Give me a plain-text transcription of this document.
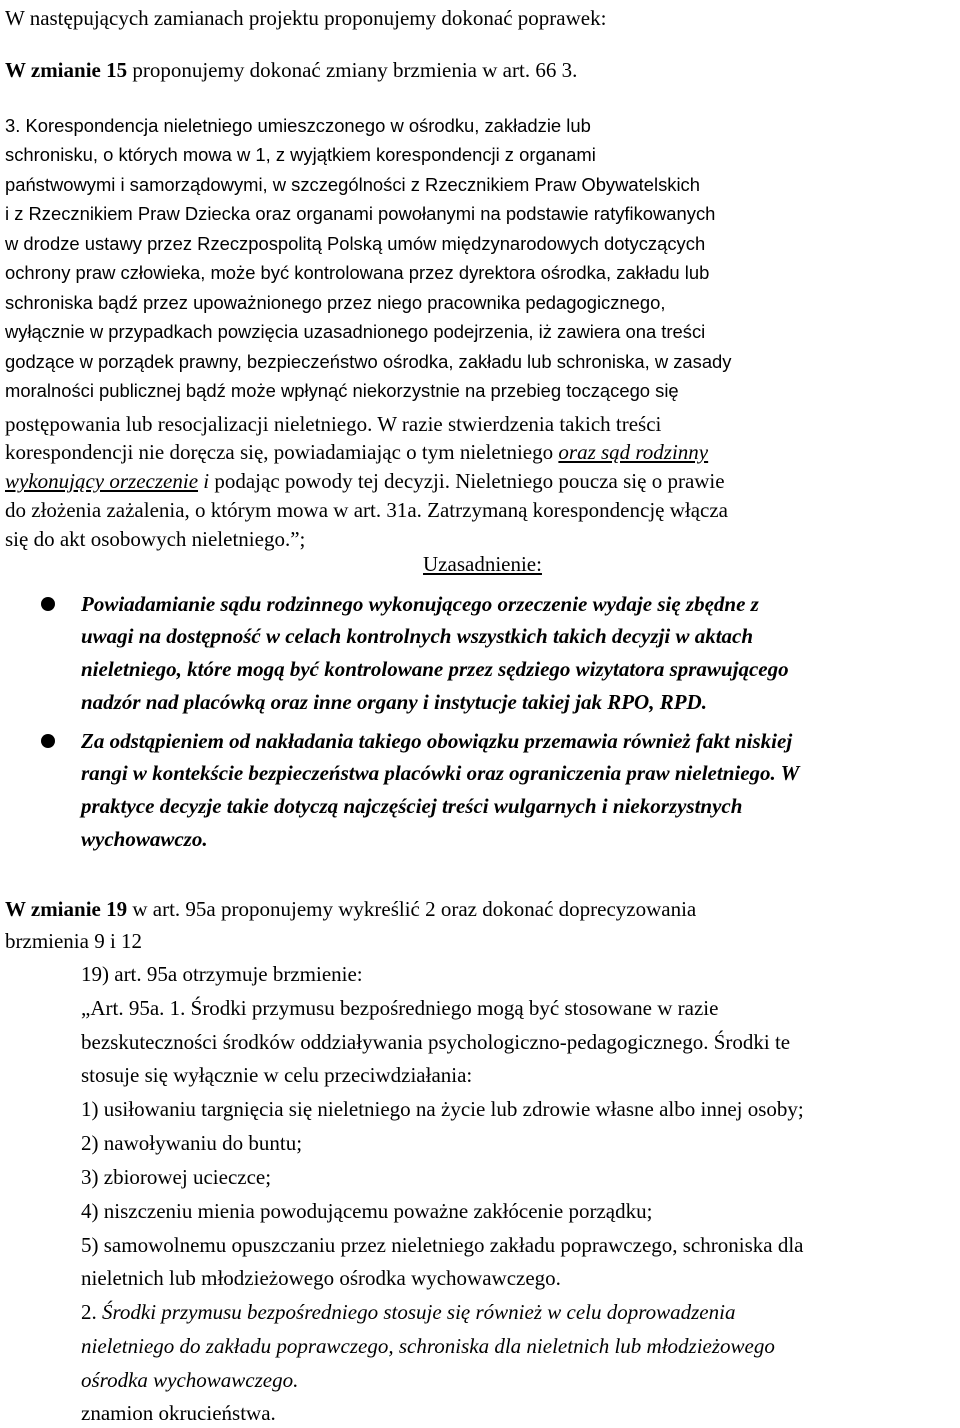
W następujących zamianach projektu proponujemy dokonać poprawek:
W zmianie 15 proponujemy dokonać zmiany brzmienia w art. 66 3.
3. Korespondencja nieletniego umieszczonego w ośrodku, zakładzie lub
schronisku, o których mowa w 1, z wyjątkiem korespondencji z organami
państwowymi i samorządowymi, w szczególności z Rzecznikiem Praw Obywatelskich
i z Rzecznikiem Praw Dziecka oraz organami powołanymi na podstawie ratyfikowanych
w drodze ustawy przez Rzeczpospolitą Polską umów międzynarodowych dotyczących
ochrony praw człowieka, może być kontrolowana przez dyrektora ośrodka, zakładu lub
schroniska bądź przez upoważnionego przez niego pracownika pedagogicznego,
wyłącznie w przypadkach powzięcia uzasadnionego podejrzenia, iż zawiera ona treści
godzące w porządek prawny, bezpieczeństwo ośrodka, zakładu lub schroniska, w zasady
moralności publicznej bądź może wpłynąć niekorzystnie na przebieg toczącego się
postępowania lub resocjalizacji nieletniego. W razie stwierdzenia takich treści
korespondencji nie doręcza się, powiadamiając o tym nieletniego oraz sąd rodzinny
wykonujący orzeczenie i podając powody tej decyzji. Nieletniego poucza się o prawie
do złożenia zażalenia, o którym mowa w art. 31a. Zatrzymaną korespondencję włącza
się do akt osobowych nieletniego.”;
Uzasadnienie:
Powiadamianie sądu rodzinnego wykonującego orzeczenie wydaje się zbędne z
uwagi na dostępność w celach kontrolnych wszystkich takich decyzji w aktach
nieletniego, które mogą być kontrolowane przez sędziego wizytatora sprawującego
nadzór nad placówką oraz inne organy i instytucje takiej jak RPO, RPD.
Za odstąpieniem od nakładania takiego obowiązku przemawia również fakt niskiej
rangi w kontekście bezpieczeństwa placówki oraz ograniczenia praw nieletniego. W
praktyce decyzje takie dotyczą najczęściej treści wulgarnych i niekorzystnych
wychowawczo.
W zmianie 19 w art. 95a proponujemy wykreślić 2 oraz dokonać doprecyzowania
brzmienia 9 i 12
19) art. 95a otrzymuje brzmienie:
„Art. 95a. 1. Środki przymusu bezpośredniego mogą być stosowane w razie
bezskuteczności środków oddziaływania psychologiczno-pedagogicznego. Środki te
stosuje się wyłącznie w celu przeciwdziałania:
1) usiłowaniu targnięcia się nieletniego na życie lub zdrowie własne albo innej osoby;
2) nawoływaniu do buntu;
3) zbiorowej ucieczce;
4) niszczeniu mienia powodującemu poważne zakłócenie porządku;
5) samowolnemu opuszczaniu przez nieletniego zakładu poprawczego, schroniska dla
nieletnich lub młodzieżowego ośrodka wychowawczego.
2. Środki przymusu bezpośredniego stosuje się również w celu doprowadzenia
nieletniego do zakładu poprawczego, schroniska dla nieletnich lub młodzieżowego
ośrodka wychowawczego.
znamion okrucieństwa.
